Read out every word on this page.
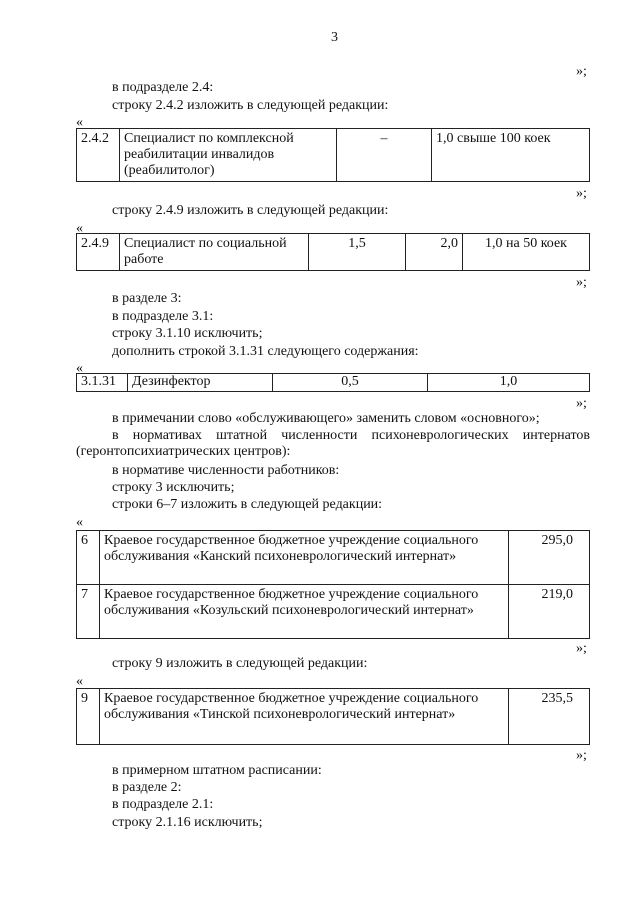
3
»;
в подразделе 2.4:
строку 2.4.2 изложить в следующей редакции:
«
2.4.2	Специалист по комплексной реабилитации инвалидов (реабилитолог)	–	1,0 свыше 100 коек
»;
строку 2.4.9 изложить в следующей редакции:
«
2.4.9	Специалист по социальной работе	1,5	2,0	1,0 на 50 коек
»;
в разделе 3:
в подразделе 3.1:
строку 3.1.10 исключить;
дополнить строкой 3.1.31 следующего содержания:
«
3.1.31	Дезинфектор	0,5	1,0
»;
в примечании слово «обслуживающего» заменить словом «основного»;
в нормативах штатной численности психоневрологических интернатов (геронтопсихиатрических центров):
в нормативе численности работников:
строку 3 исключить;
строки 6–7 изложить в следующей редакции:
«
6	Краевое государственное бюджетное учреждение социального обслуживания «Канский психоневрологический интернат»	295,0
7	Краевое государственное бюджетное учреждение социального обслуживания «Козульский психоневрологический интернат»	219,0
»;
строку 9 изложить в следующей редакции:
«
9	Краевое государственное бюджетное учреждение социального обслуживания «Тинской психоневрологический интернат»	235,5
»;
в примерном штатном расписании:
в разделе 2:
в подразделе 2.1:
строку 2.1.16 исключить;
